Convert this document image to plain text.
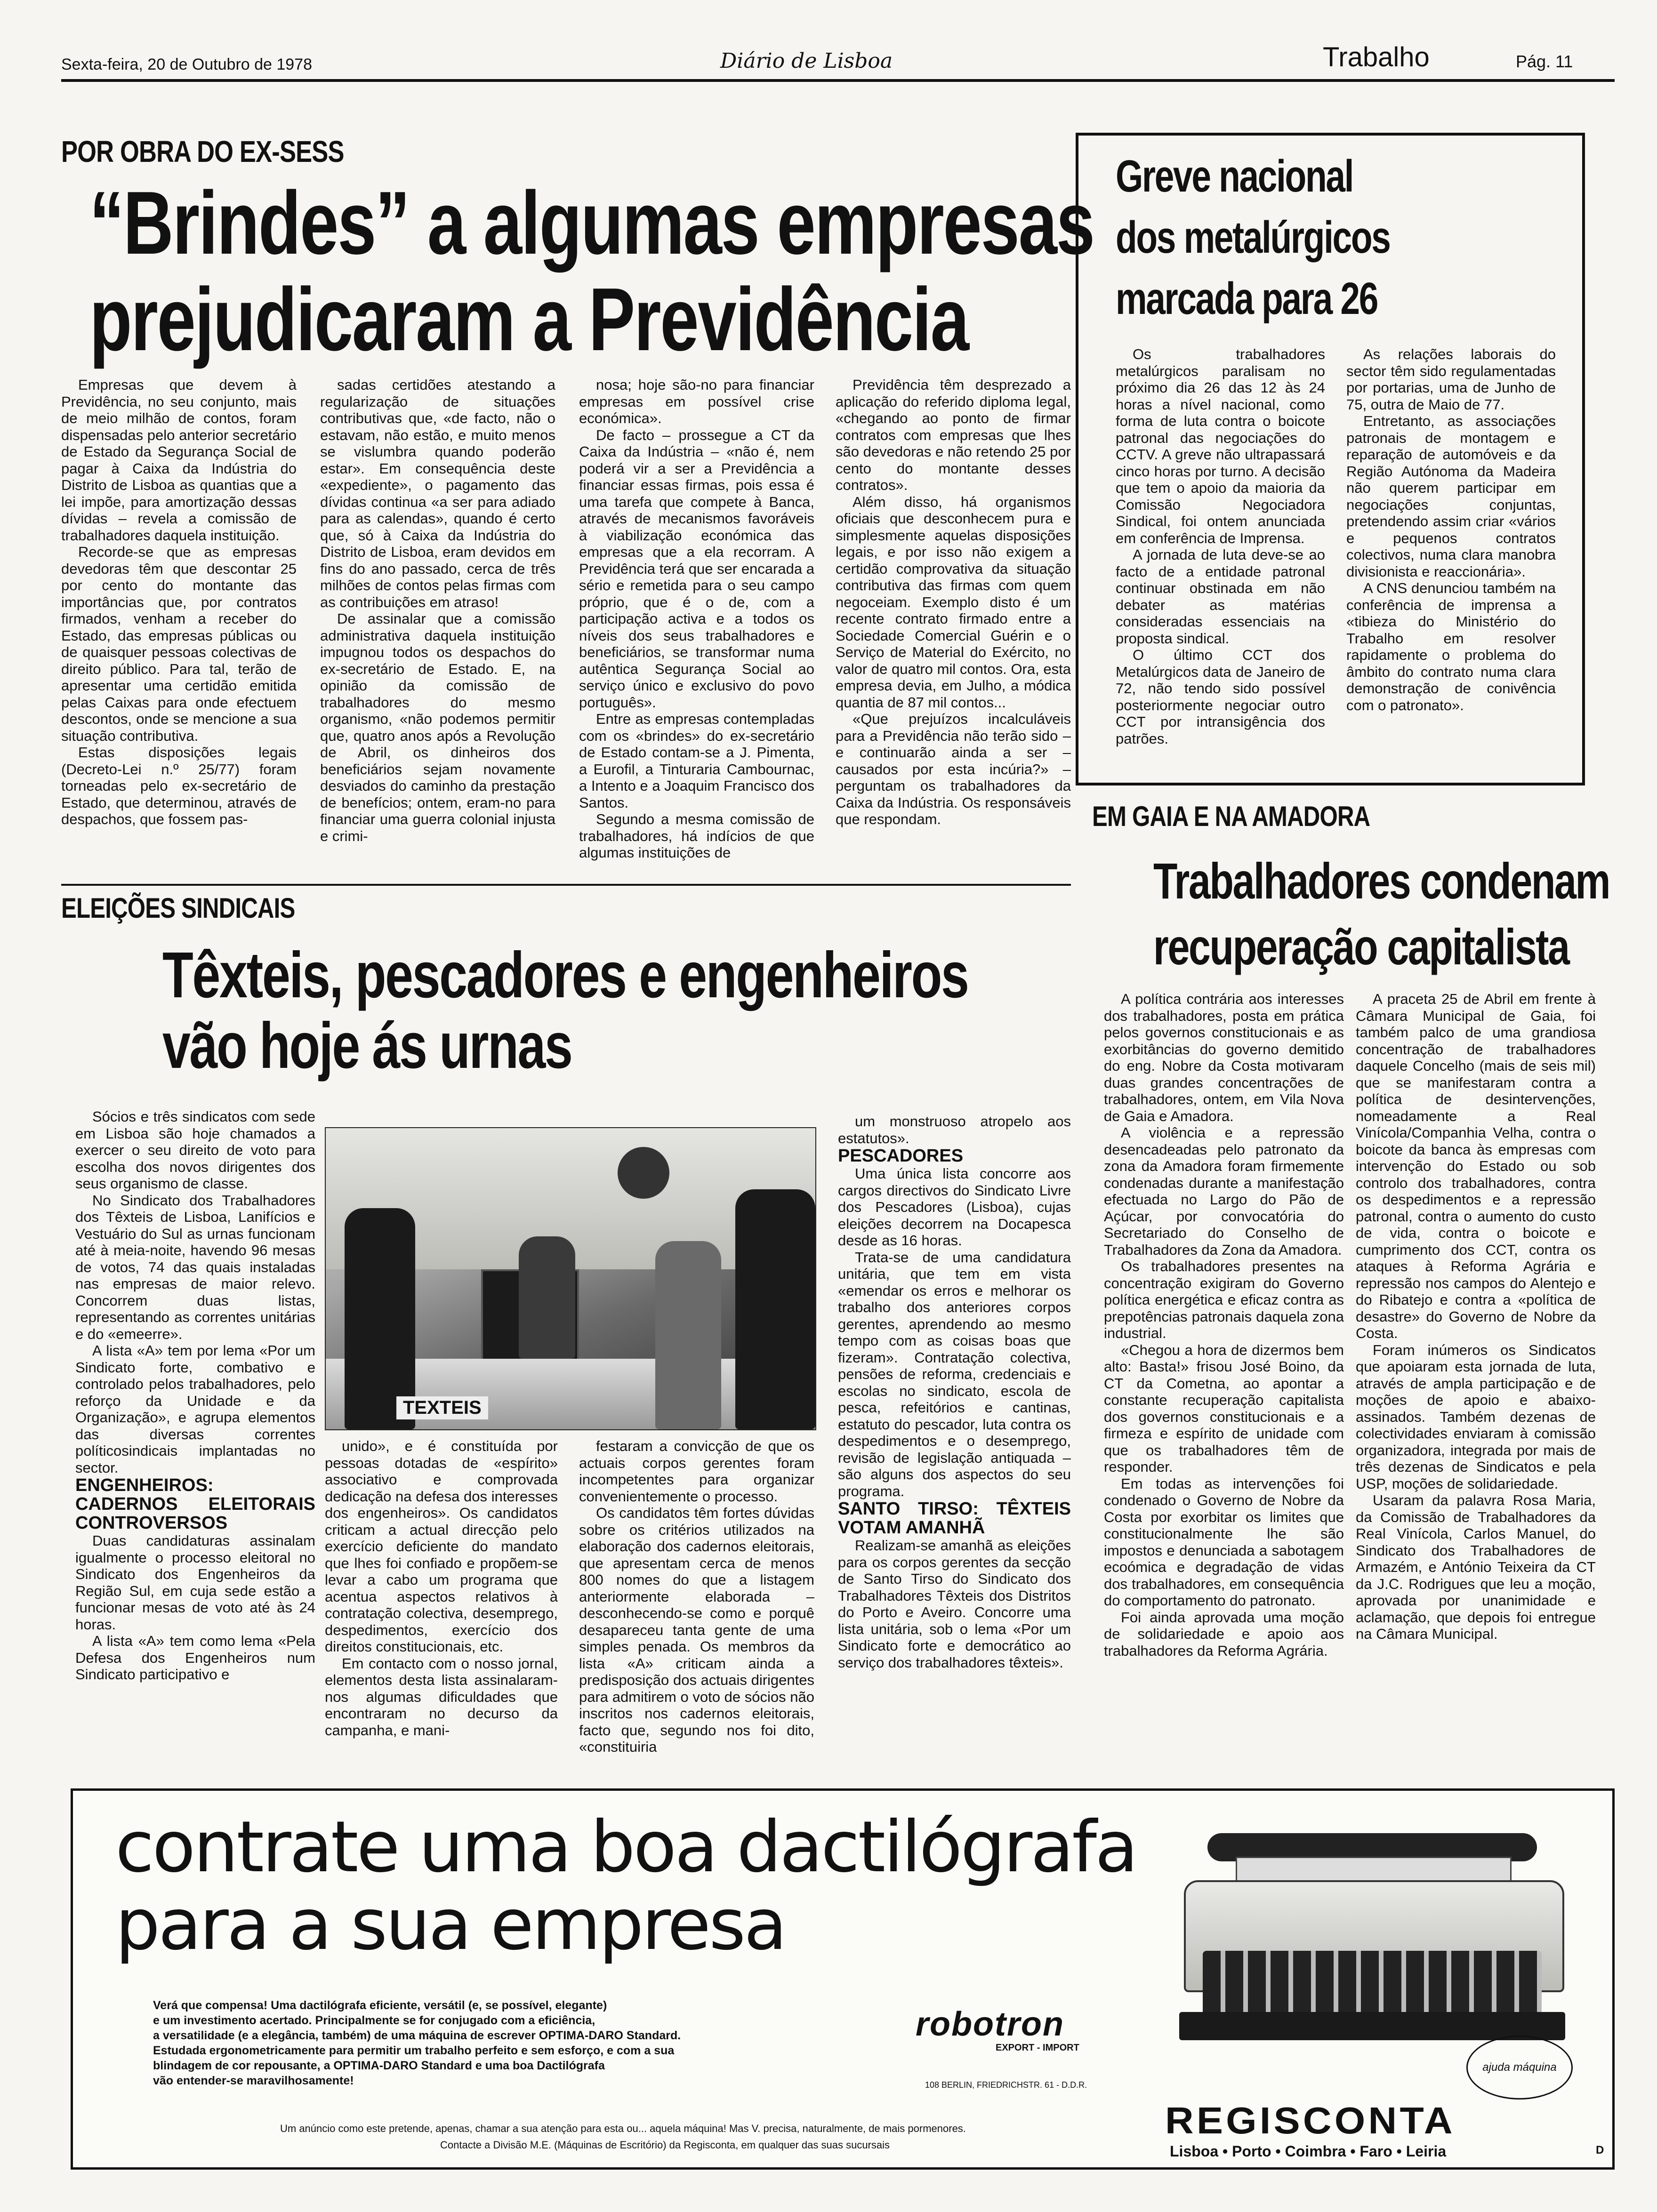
Sexta-feira, 20 de Outubro de 1978	Diário de Lisboa	Trabalho	Pág. 11
POR OBRA DO EX-SESS
“Brindes” a algumas empresas
prejudicaram a Previdência

Empresas que devem à Previdência, no seu conjunto, mais de meio milhão de contos, foram dispensadas pelo anterior secretário de Estado da Segurança Social de pagar à Caixa da Indústria do Distrito de Lisboa as quantias que a lei impõe, para amortização dessas dívidas – revela a comissão de trabalhadores daquela instituição.

Recorde-se que as empresas devedoras têm que descontar 25 por cento do montante das importâncias que, por contratos firmados, venham a receber do Estado, das empresas públicas ou de quaisquer pessoas colectivas de direito público. Para tal, terão de apresentar uma certidão emitida pelas Caixas para onde efectuem descontos, onde se mencione a sua situação contributiva.

Estas disposições legais (Decreto-Lei n.º 25/77) foram torneadas pelo ex-secretário de Estado, que determinou, através de despachos, que fossem pas-

sadas certidões atestando a regularização de situações contributivas que, «de facto, não o estavam, não estão, e muito menos se vislumbra quando poderão estar». Em consequência deste «expediente», o pagamento das dívidas continua «a ser para adiado para as calendas», quando é certo que, só à Caixa da Indústria do Distrito de Lisboa, eram devidos em fins do ano passado, cerca de três milhões de contos pelas firmas com as contribuições em atraso!

De assinalar que a comissão administrativa daquela instituição impugnou todos os despachos do ex-secretário de Estado. E, na opinião da comissão de trabalhadores do mesmo organismo, «não podemos permitir que, quatro anos após a Revolução de Abril, os dinheiros dos beneficiários sejam novamente desviados do caminho da prestação de benefícios; ontem, eram-no para financiar uma guerra colonial injusta e crimi-

nosa; hoje são-no para financiar empresas em possível crise económica».

De facto – prossegue a CT da Caixa da Indústria – «não é, nem poderá vir a ser a Previdência a financiar essas firmas, pois essa é uma tarefa que compete à Banca, através de mecanismos favoráveis à viabilização económica das empresas que a ela recorram. A Previdência terá que ser encarada a sério e remetida para o seu campo próprio, que é o de, com a participação activa e a todos os níveis dos seus trabalhadores e beneficiários, se transformar numa autêntica Segurança Social ao serviço único e exclusivo do povo português».

Entre as empresas contempladas com os «brindes» do ex-secretário de Estado contam-se a J. Pimenta, a Eurofil, a Tinturaria Cambournac, a Intento e a Joaquim Francisco dos Santos.

Segundo a mesma comissão de trabalhadores, há indícios de que algumas instituições de

Previdência têm desprezado a aplicação do referido diploma legal, «chegando ao ponto de firmar contratos com empresas que lhes são devedoras e não retendo 25 por cento do montante desses contratos».

Além disso, há organismos oficiais que desconhecem pura e simplesmente aquelas disposições legais, e por isso não exigem a certidão comprovativa da situação contributiva das firmas com quem negoceiam. Exemplo disto é um recente contrato firmado entre a Sociedade Comercial Guérin e o Serviço de Material do Exército, no valor de quatro mil contos. Ora, esta empresa devia, em Julho, a módica quantia de 87 mil contos...

«Que prejuízos incalculáveis para a Previdência não terão sido – e continuarão ainda a ser – causados por esta incúria?» – perguntam os trabalhadores da Caixa da Indústria. Os responsáveis que respondam.

Greve nacional
dos metalúrgicos
marcada para 26

Os trabalhadores metalúrgicos paralisam no próximo dia 26 das 12 às 24 horas a nível nacional, como forma de luta contra o boicote patronal das negociações do CCTV. A greve não ultrapassará cinco horas por turno. A decisão que tem o apoio da maioria da Comissão Negociadora Sindical, foi ontem anunciada em conferência de Imprensa.

A jornada de luta deve-se ao facto de a entidade patronal continuar obstinada em não debater as matérias consideradas essenciais na proposta sindical.

O último CCT dos Metalúrgicos data de Janeiro de 72, não tendo sido possível posteriormente negociar outro CCT por intransigência dos patrões.

As relações laborais do sector têm sido regulamentadas por portarias, uma de Junho de 75, outra de Maio de 77.

Entretanto, as associações patronais de montagem e reparação de automóveis e da Região Autónoma da Madeira não querem participar em negociações conjuntas, pretendendo assim criar «vários e pequenos contratos colectivos, numa clara manobra divisionista e reaccionária».

A CNS denunciou também na conferência de imprensa a «tibieza do Ministério do Trabalho em resolver rapidamente o problema do âmbito do contrato numa clara demonstração de conivência com o patronato».

EM GAIA E NA AMADORA
Trabalhadores condenam
recuperação capitalista

A política contrária aos interesses dos trabalhadores, posta em prática pelos governos constitucionais e as exorbitâncias do governo demitido do eng. Nobre da Costa motivaram duas grandes concentrações de trabalhadores, ontem, em Vila Nova de Gaia e Amadora.

A violência e a repressão desencadeadas pelo patronato da zona da Amadora foram firmemente condenadas durante a manifestação efectuada no Largo do Pão de Açúcar, por convocatória do Secretariado do Conselho de Trabalhadores da Zona da Amadora.

Os trabalhadores presentes na concentração exigiram do Governo política energética e eficaz contra as prepotências patronais daquela zona industrial.

«Chegou a hora de dizermos bem alto: Basta!» frisou José Boino, da CT da Cometna, ao apontar a constante recuperação capitalista dos governos constitucionais e a firmeza e espírito de unidade com que os trabalhadores têm de responder.

Em todas as intervenções foi condenado o Governo de Nobre da Costa por exorbitar os limites que constitucionalmente lhe são impostos e denunciada a sabotagem ecoómica e degradação de vidas dos trabalhadores, em consequência do comportamento do patronato.

Foi ainda aprovada uma moção de solidariedade e apoio aos trabalhadores da Reforma Agrária.

A praceta 25 de Abril em frente à Câmara Municipal de Gaia, foi também palco de uma grandiosa concentração de trabalhadores daquele Concelho (mais de seis mil) que se manifestaram contra a política de desintervenções, nomeadamente a Real Vinícola/Companhia Velha, contra o boicote da banca às empresas com intervenção do Estado ou sob controlo dos trabalhadores, contra os despedimentos e a repressão patronal, contra o aumento do custo de vida, contra o boicote e cumprimento dos CCT, contra os ataques à Reforma Agrária e repressão nos campos do Alentejo e do Ribatejo e contra a «política de desastre» do Governo de Nobre da Costa.

Foram inúmeros os Sindicatos que apoiaram esta jornada de luta, através de ampla participação e de moções de apoio e abaixo-assinados. Também dezenas de colectividades enviaram à comissão organizadora, integrada por mais de três dezenas de Sindicatos e pela USP, moções de solidariedade.

Usaram da palavra Rosa Maria, da Comissão de Trabalhadores da Real Vinícola, Carlos Manuel, do Sindicato dos Trabalhadores de Armazém, e António Teixeira da CT da J.C. Rodrigues que leu a moção, aprovada por unanimidade e aclamação, que depois foi entregue na Câmara Municipal.

ELEIÇÕES SINDICAIS
Têxteis, pescadores e engenheiros
vão hoje ás urnas

Sócios e três sindicatos com sede em Lisboa são hoje chamados a exercer o seu direito de voto para escolha dos novos dirigentes dos seus organismo de classe.

No Sindicato dos Trabalhadores dos Têxteis de Lisboa, Lanifícios e Vestuário do Sul as urnas funcionam até à meia-noite, havendo 96 mesas de votos, 74 das quais instaladas nas empresas de maior relevo. Concorrem duas listas, representando as correntes unitárias e do «emeerre».

A lista «A» tem por lema «Por um Sindicato forte, combativo e controlado pelos trabalhadores, pelo reforço da Unidade e da Organização», e agrupa elementos das diversas correntes políticosindicais implantadas no sector.

ENGENHEIROS: CADERNOS ELEITORAIS CONTROVERSOS

Duas candidaturas assinalam igualmente o processo eleitoral no Sindicato dos Engenheiros da Região Sul, em cuja sede estão a funcionar mesas de voto até às 24 horas.

A lista «A» tem como lema «Pela Defesa dos Engenheiros num Sindicato participativo e

TEXTEIS

unido», e é constituída por pessoas dotadas de «espírito» associativo e comprovada dedicação na defesa dos interesses dos engenheiros». Os candidatos criticam a actual direcção pelo exercício deficiente do mandato que lhes foi confiado e propõem-se levar a cabo um programa que acentua aspectos relativos à contratação colectiva, desemprego, despedimentos, exercício dos direitos constitucionais, etc.

Em contacto com o nosso jornal, elementos desta lista assinalaram-nos algumas dificuldades que encontraram no decurso da campanha, e mani-

festaram a convicção de que os actuais corpos gerentes foram incompetentes para organizar convenientemente o processo.

Os candidatos têm fortes dúvidas sobre os critérios utilizados na elaboração dos cadernos eleitorais, que apresentam cerca de menos 800 nomes do que a listagem anteriormente elaborada – desconhecendo-se como e porquê desapareceu tanta gente de uma simples penada. Os membros da lista «A» criticam ainda a predisposição dos actuais dirigentes para admitirem o voto de sócios não inscritos nos cadernos eleitorais, facto que, segundo nos foi dito, «constituiria

um monstruoso atropelo aos estatutos».

PESCADORES

Uma única lista concorre aos cargos directivos do Sindicato Livre dos Pescadores (Lisboa), cujas eleições decorrem na Docapesca desde as 16 horas.

Trata-se de uma candidatura unitária, que tem em vista «emendar os erros e melhorar os trabalho dos anteriores corpos gerentes, aprendendo ao mesmo tempo com as coisas boas que fizeram». Contratação colectiva, pensões de reforma, credenciais e escolas no sindicato, escola de pesca, refeitórios e cantinas, estatuto do pescador, luta contra os despedimentos e o desemprego, revisão de legislação antiquada – são alguns dos aspectos do seu programa.

SANTO TIRSO: TÊXTEIS VOTAM AMANHÃ

Realizam-se amanhã as eleições para os corpos gerentes da secção de Santo Tirso do Sindicato dos Trabalhadores Têxteis dos Distritos do Porto e Aveiro. Concorre uma lista unitária, sob o lema «Por um Sindicato forte e democrático ao serviço dos trabalhadores têxteis».

contrate uma boa dactilógrafa
para a sua empresa
Verá que compensa! Uma dactilógrafa eficiente, versátil (e, se possível, elegante)
e um investimento acertado. Principalmente se for conjugado com a eficiência,
a versatilidade (e a elegância, também) de uma máquina de escrever OPTIMA-DARO Standard.
Estudada ergonometricamente para permitir um trabalho perfeito e sem esforço, e com a sua
blindagem de cor repousante, a OPTIMA-DARO Standard e uma boa Dactilógrafa
vão entender-se maravilhosamente!
robotron
EXPORT - IMPORT
108 BERLIN, FRIEDRICHSTR. 61 - D.D.R.
ajuda máquina
REGISCONTA
Lisboa • Porto • Coimbra • Faro • Leiria
Um anúncio como este pretende, apenas, chamar a sua atenção para esta ou... aquela máquina! Mas V. precisa, naturalmente, de mais pormenores.
Contacte a Divisão M.E. (Máquinas de Escritório) da Regisconta, em qualquer das suas sucursais	D
